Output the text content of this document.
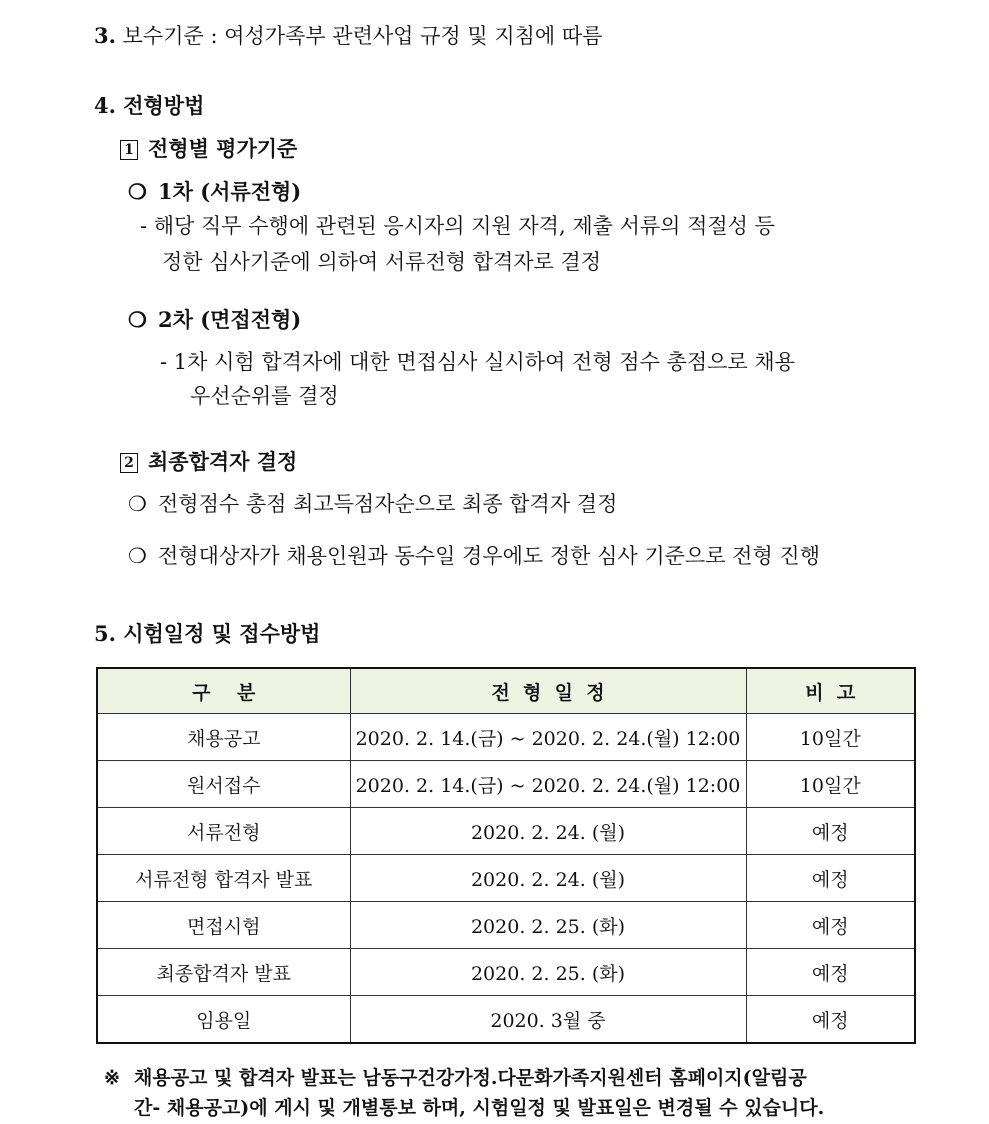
3. 보수기준 : 여성가족부 관련사업 규정 및 지침에 따름
4. 전형방법
1 전형별 평가기준
❍ 1차 (서류전형)
- 해당 직무 수행에 관련된 응시자의 지원 자격, 제출 서류의 적절성 등
정한 심사기준에 의하여 서류전형 합격자로 결정
❍ 2차 (면접전형)
- 1차 시험 합격자에 대한 면접심사 실시하여 전형 점수 총점으로 채용
우선순위를 결정
2 최종합격자 결정
❍ 전형점수 총점 최고득점자순으로 최종 합격자 결정
❍ 전형대상자가 채용인원과 동수일 경우에도 정한 심사 기준으로 전형 진행
5. 시험일정 및 접수방법
구    분	전  형  일  정	비  고
채용공고	2020. 2. 14.(금) ~ 2020. 2. 24.(월) 12:00	10일간
원서접수	2020. 2. 14.(금) ~ 2020. 2. 24.(월) 12:00	10일간
서류전형	2020. 2. 24. (월)	예정
서류전형 합격자 발표	2020. 2. 24. (월)	예정
면접시험	2020. 2. 25. (화)	예정
최종합격자 발표	2020. 2. 25. (화)	예정
임용일	2020. 3월 중	예정
※ 채용공고 및 합격자 발표는 남동구건강가정.다문화가족지원센터 홈페이지(알림공
간- 채용공고)에 게시 및 개별통보 하며, 시험일정 및 발표일은 변경될 수 있습니다.
